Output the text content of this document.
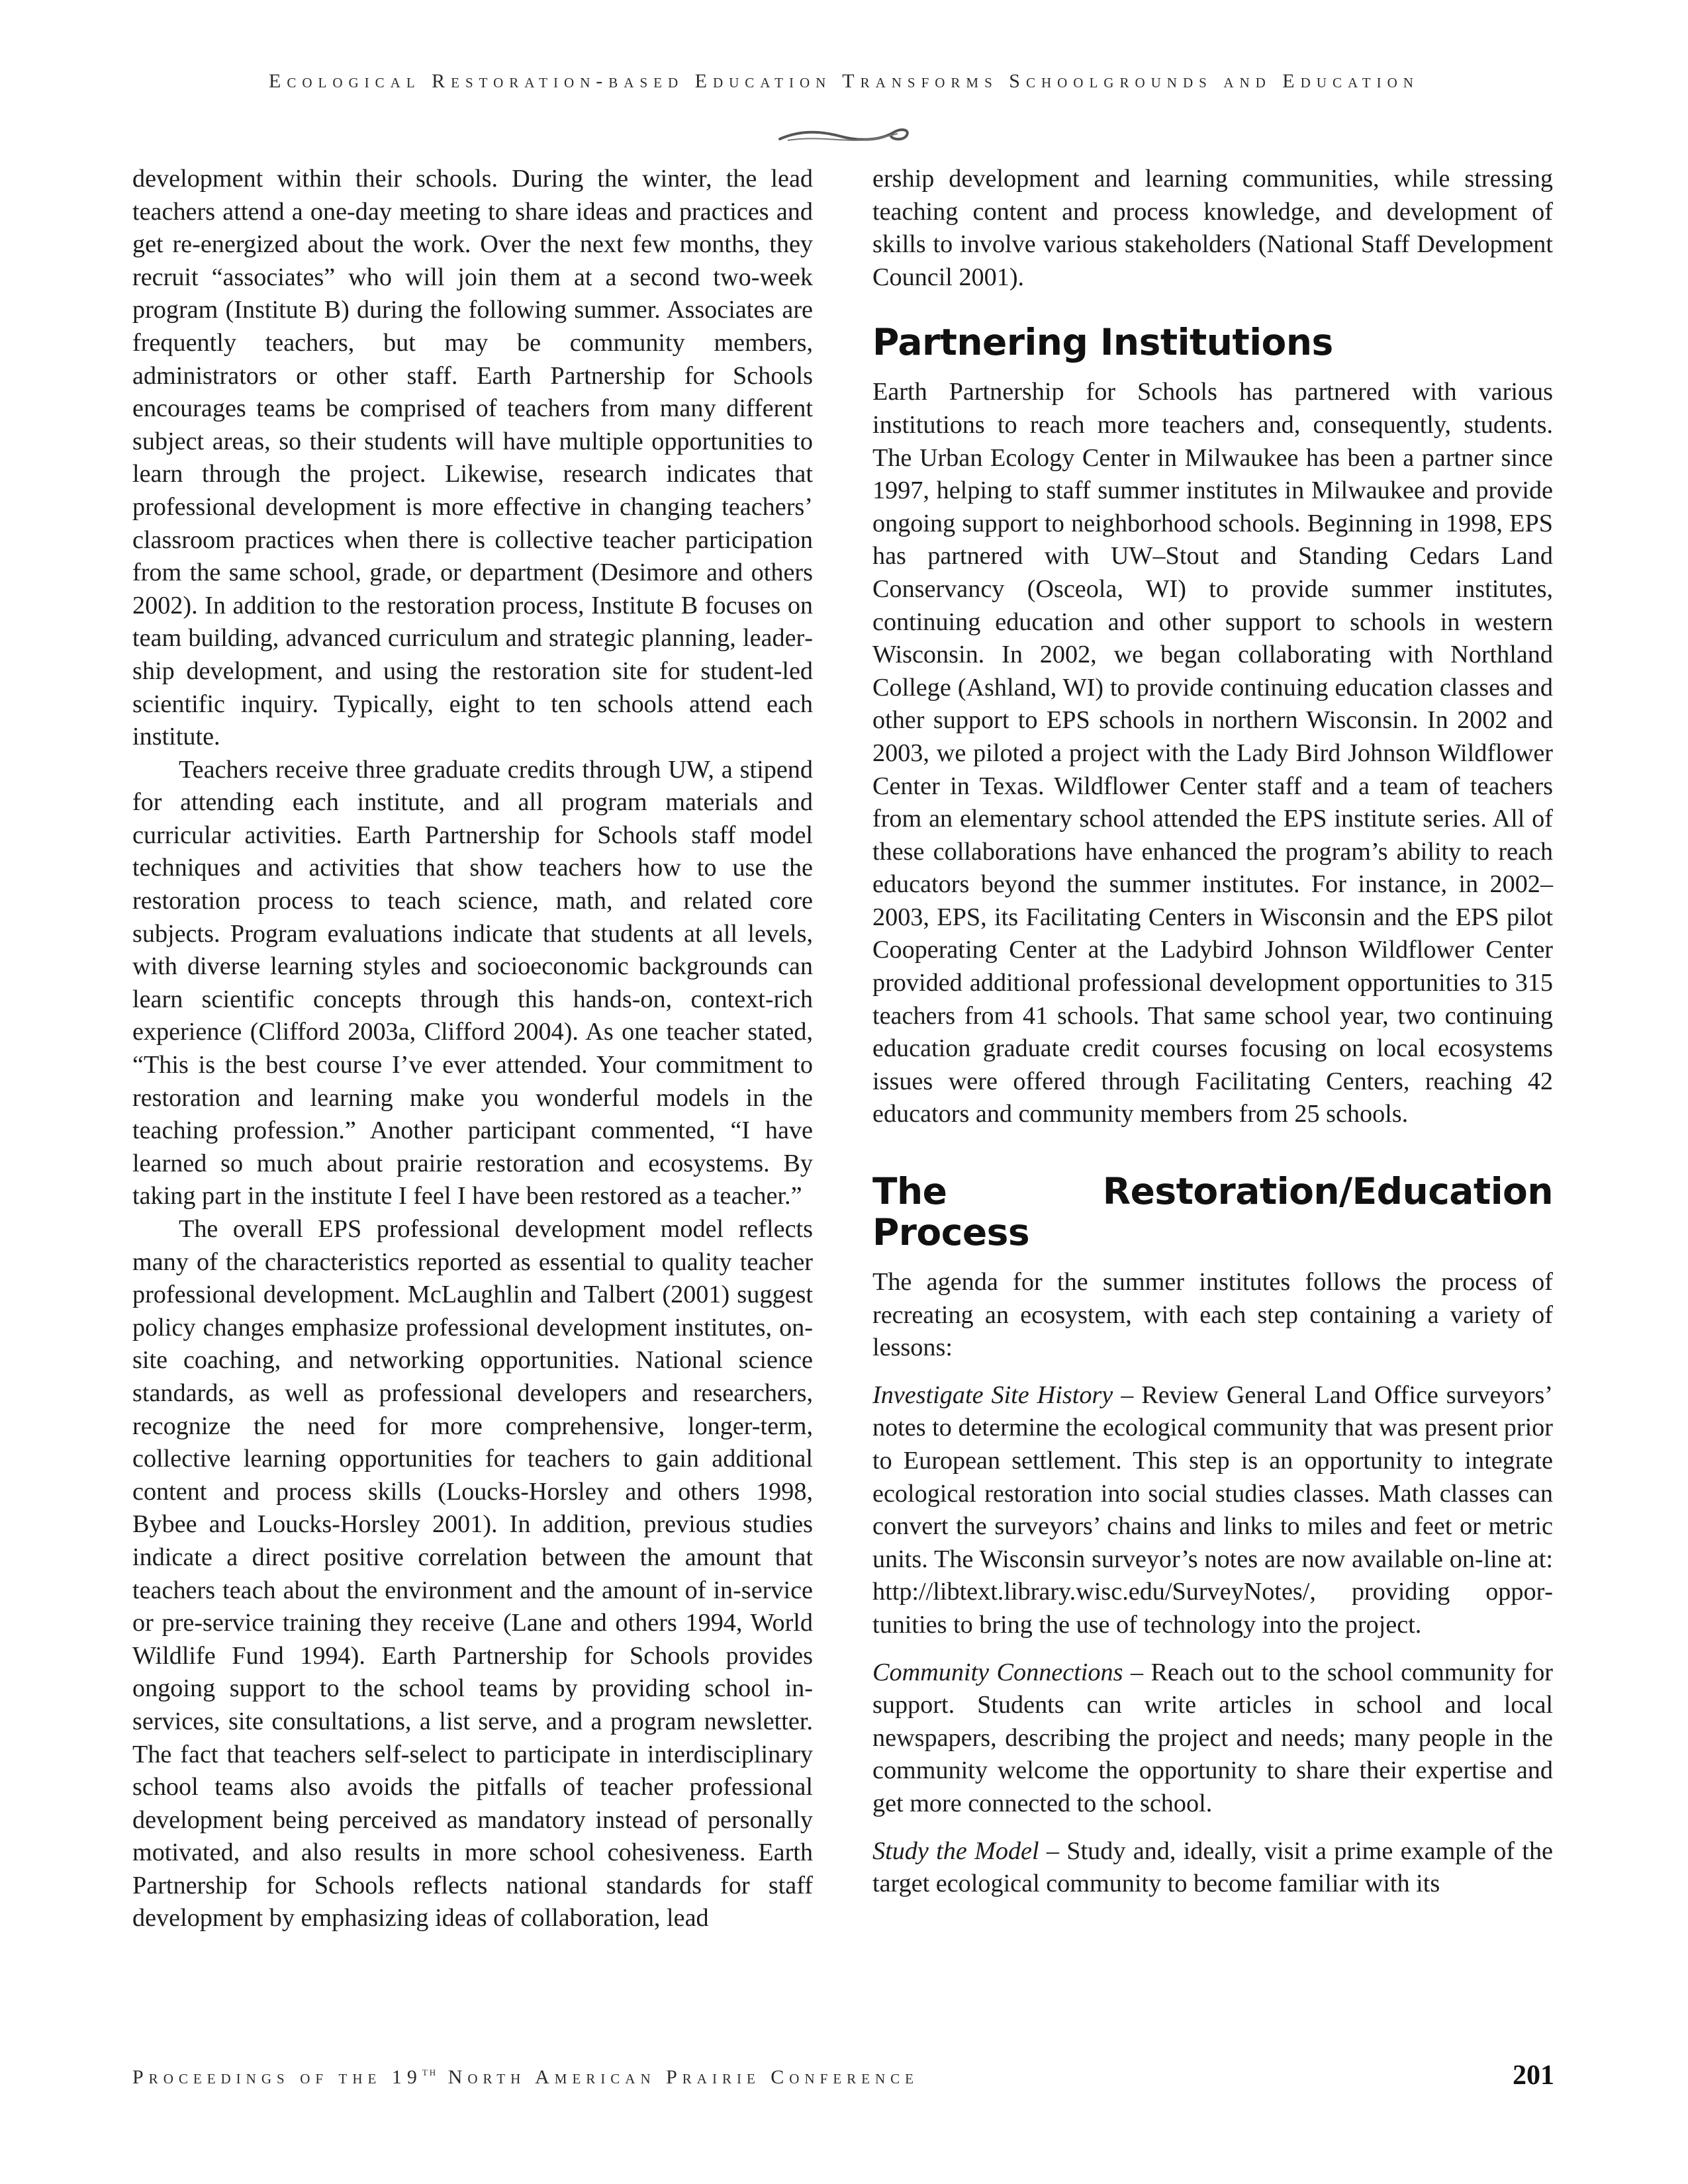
Ecological Restoration-based Education Transforms Schoolgrounds and Education

development within their schools. During the winter, the lead teachers attend a one-day meeting to share ideas and practices and get re-energized about the work. Over the next few months, they recruit “associates” who will join them at a second two-week program (Institute B) during the following summer. Associates are frequently teachers, but may be community members, administrators or other staff. Earth Partnership for Schools encourages teams be comprised of teachers from many different subject areas, so their students will have multiple opportunities to learn through the project. Likewise, research indicates that professional development is more effective in changing teachers’ classroom practices when there is collective teacher participation from the same school, grade, or department (Desimore and others 2002). In addition to the restoration process, Institute B focuses on team building, advanced curriculum and strategic planning, leadership development, and using the restoration site for student-led scientific inquiry. Typically, eight to ten schools attend each institute.

Teachers receive three graduate credits through UW, a stipend for attending each institute, and all program materials and curricular activities. Earth Partnership for Schools staff model techniques and activities that show teachers how to use the restoration process to teach science, math, and related core subjects. Program evaluations indicate that students at all levels, with diverse learning styles and socioeconomic backgrounds can learn scientific concepts through this hands-on, context-rich experience (Clifford 2003a, Clifford 2004). As one teacher stated, “This is the best course I’ve ever attended. Your commitment to restoration and learning make you wonderful models in the teaching profession.” Another participant commented, “I have learned so much about prairie restoration and ecosystems. By taking part in the institute I feel I have been restored as a teacher.”

The overall EPS professional development model reflects many of the characteristics reported as essential to quality teacher professional development. McLaughlin and Talbert (2001) suggest policy changes emphasize professional development institutes, on-site coaching, and networking opportunities. National science standards, as well as professional developers and researchers, recognize the need for more comprehensive, longer-term, collective learning opportunities for teachers to gain additional content and process skills (Loucks-Horsley and others 1998, Bybee and Loucks-Horsley 2001). In addition, previous studies indicate a direct positive correlation between the amount that teachers teach about the environment and the amount of in-service or pre-service training they receive (Lane and others 1994, World Wildlife Fund 1994). Earth Partnership for Schools provides ongoing support to the school teams by providing school in-services, site consultations, a list serve, and a program newsletter. The fact that teachers self-select to participate in interdisciplinary school teams also avoids the pitfalls of teacher professional development being perceived as mandatory instead of personally motivated, and also results in more school cohesiveness. Earth Partnership for Schools reflects national standards for staff development by emphasizing ideas of collaboration, lead

ership development and learning communities, while stressing teaching content and process knowledge, and development of skills to involve various stakeholders (National Staff Development Council 2001).

Partnering Institutions

Earth Partnership for Schools has partnered with various institutions to reach more teachers and, consequently, students. The Urban Ecology Center in Milwaukee has been a partner since 1997, helping to staff summer institutes in Milwaukee and provide ongoing support to neighborhood schools. Beginning in 1998, EPS has partnered with UW–Stout and Standing Cedars Land Conservancy (Osceola, WI) to provide summer institutes, continuing education and other support to schools in western Wisconsin. In 2002, we began collaborating with Northland College (Ashland, WI) to provide continuing education classes and other support to EPS schools in northern Wisconsin. In 2002 and 2003, we piloted a project with the Lady Bird Johnson Wildflower Center in Texas. Wildflower Center staff and a team of teachers from an elementary school attended the EPS institute series. All of these collaborations have enhanced the program’s ability to reach educators beyond the summer institutes. For instance, in 2002–2003, EPS, its Facilitating Centers in Wisconsin and the EPS pilot Cooperating Center at the Ladybird Johnson Wildflower Center provided additional professional development opportunities to 315 teachers from 41 schools. That same school year, two continuing education graduate credit courses focusing on local ecosystems issues were offered through Facilitating Centers, reaching 42 educators and community members from 25 schools.

The Restoration/Education Process

The agenda for the summer institutes follows the process of recreating an ecosystem, with each step containing a variety of lessons:

Investigate Site History – Review General Land Office surveyors’ notes to determine the ecological community that was present prior to European settlement. This step is an opportunity to integrate ecological restoration into social studies classes. Math classes can convert the surveyors’ chains and links to miles and feet or metric units. The Wisconsin surveyor’s notes are now available on-line at: http://libtext.library.wisc.edu/SurveyNotes/, providing opportunities to bring the use of technology into the project.

Community Connections – Reach out to the school community for support. Students can write articles in school and local newspapers, describing the project and needs; many people in the community welcome the opportunity to share their expertise and get more connected to the school.

Study the Model – Study and, ideally, visit a prime example of the target ecological community to become familiar with its

Proceedings of the 19th North American Prairie Conference	201
